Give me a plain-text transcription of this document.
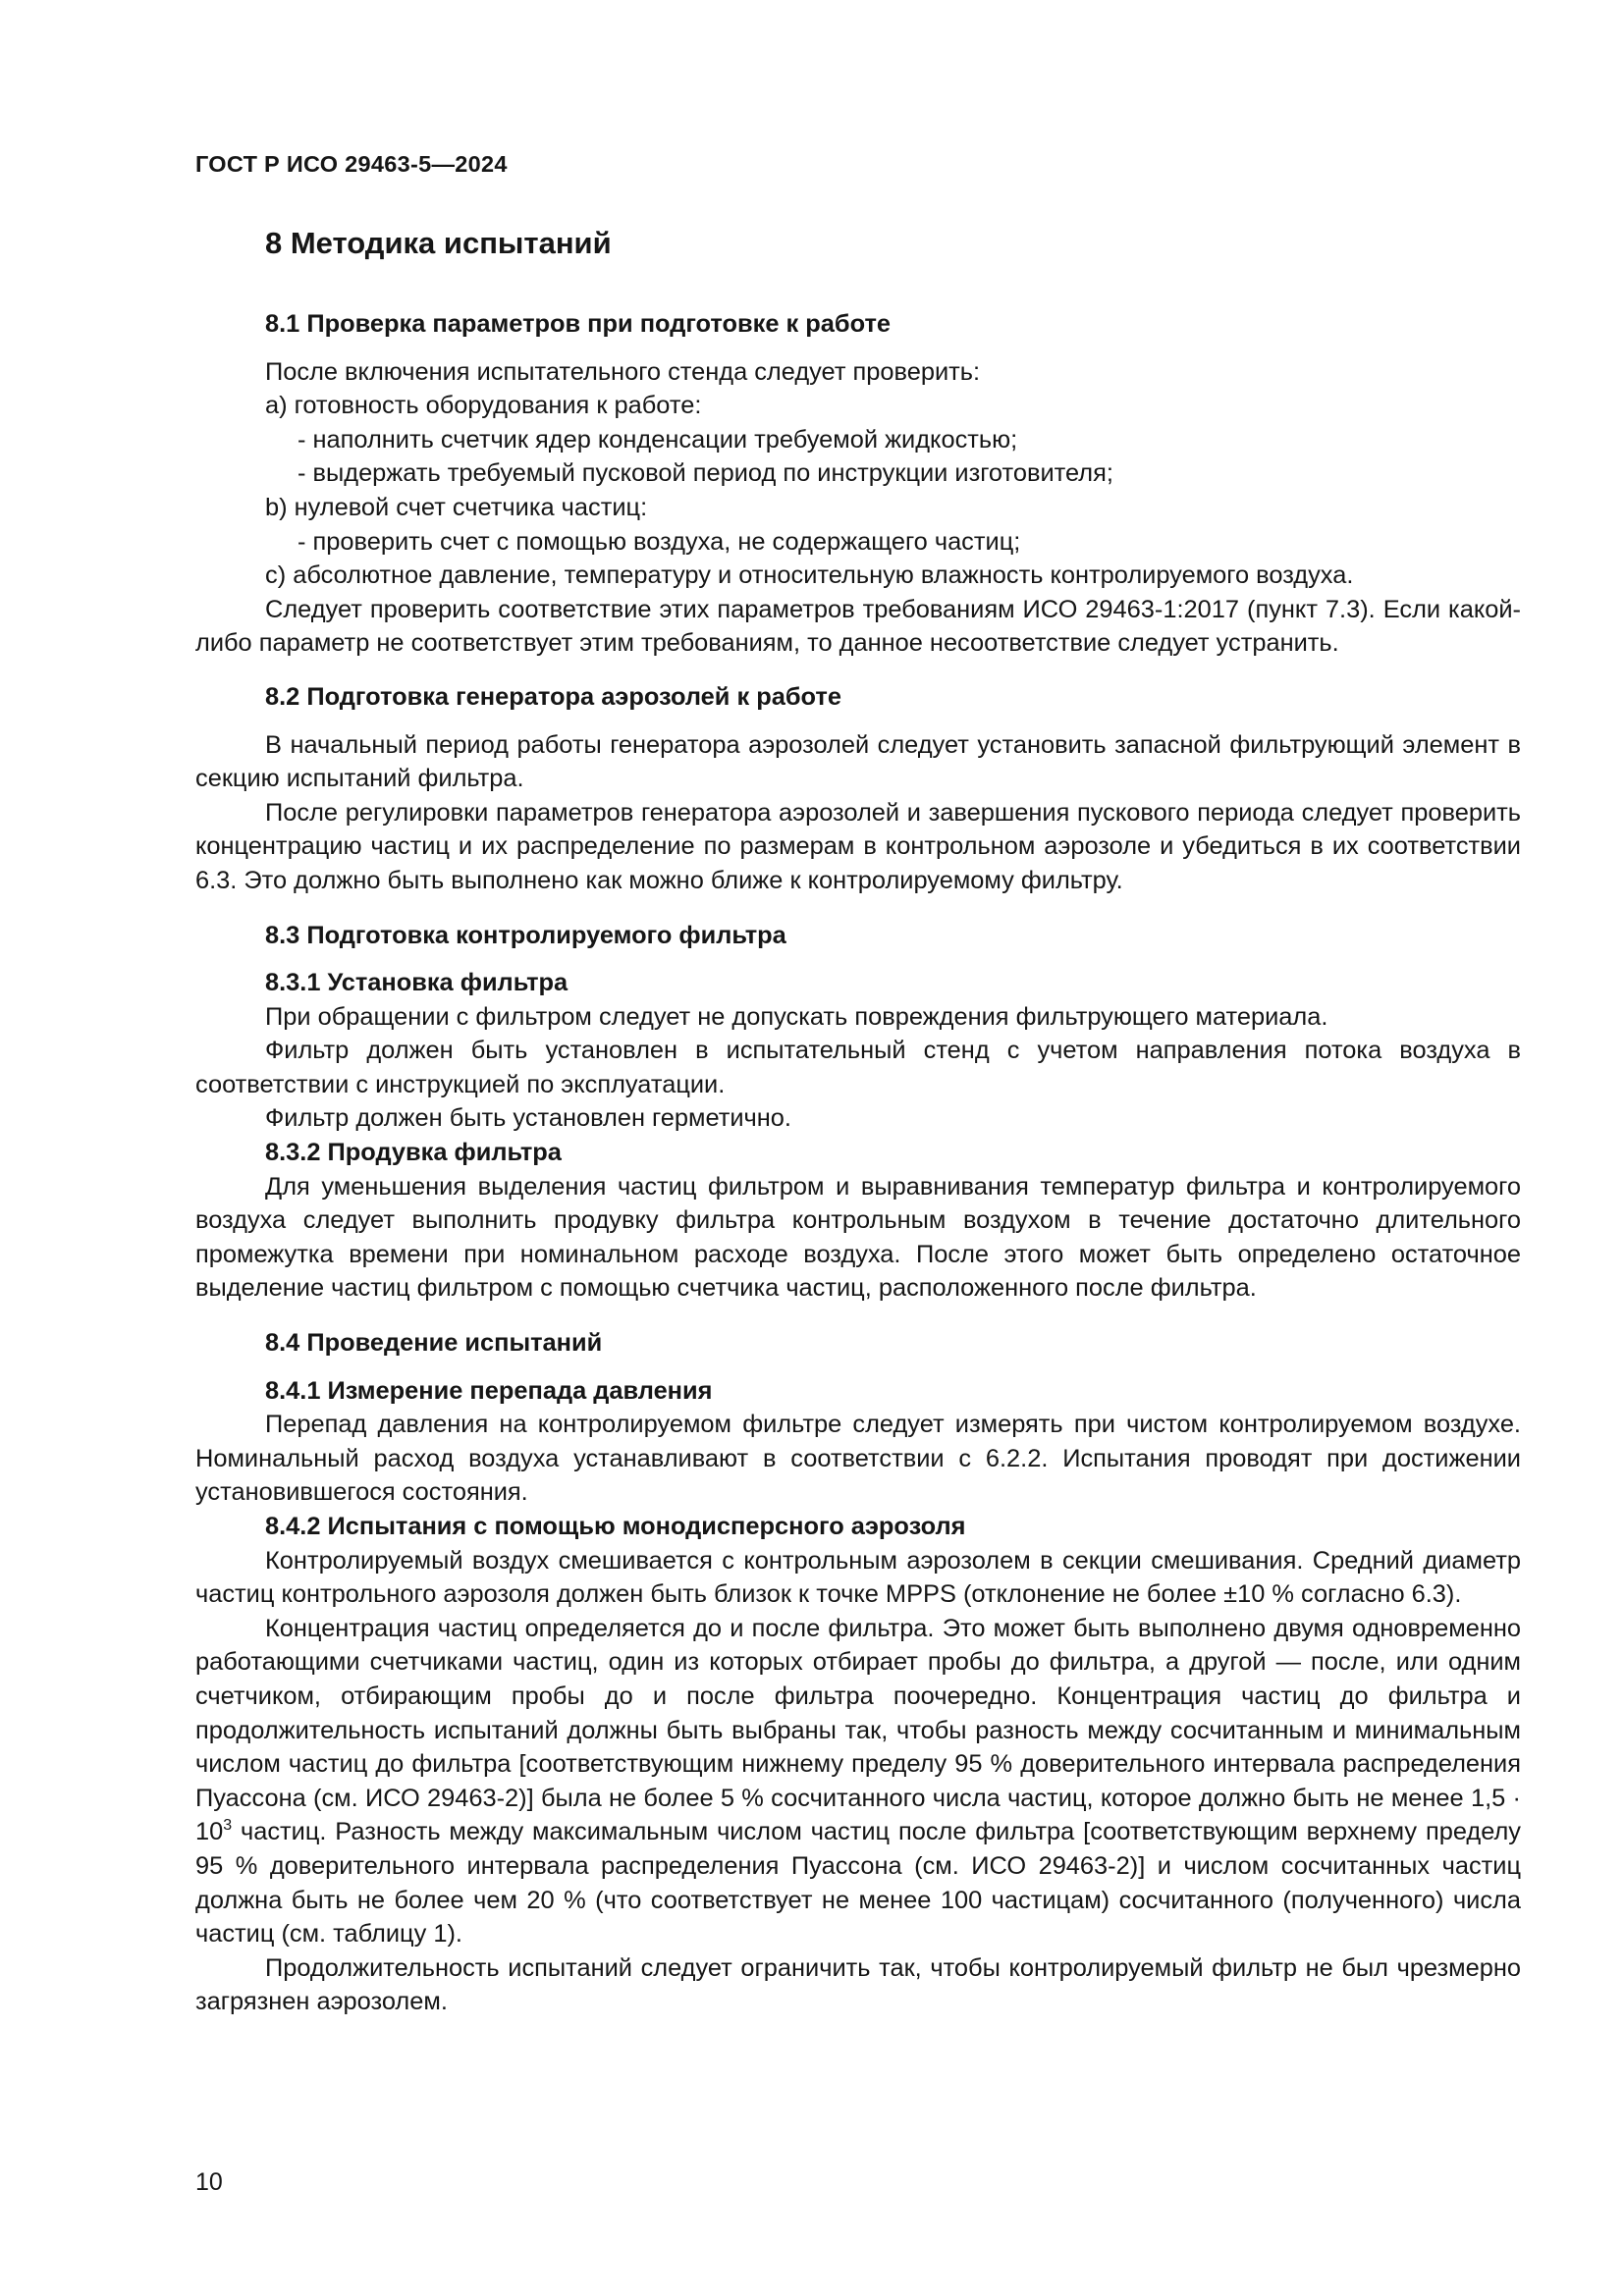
ГОСТ Р ИСО 29463-5—2024

8 Методика испытаний

8.1 Проверка параметров при подготовке к работе

После включения испытательного стенда следует проверить:

а) готовность оборудования к работе:

- наполнить счетчик ядер конденсации требуемой жидкостью;

- выдержать требуемый пусковой период по инструкции изготовителя;

b) нулевой счет счетчика частиц:

- проверить счет с помощью воздуха, не содержащего частиц;

с) абсолютное давление, температуру и относительную влажность контролируемого воздуха.

Следует проверить соответствие этих параметров требованиям ИСО 29463-1:2017 (пункт 7.3). Если какой-либо параметр не соответствует этим требованиям, то данное несоответствие следует устранить.

8.2 Подготовка генератора аэрозолей к работе

В начальный период работы генератора аэрозолей следует установить запасной фильтрующий элемент в секцию испытаний фильтра.

После регулировки параметров генератора аэрозолей и завершения пускового периода следует проверить концентрацию частиц и их распределение по размерам в контрольном аэрозоле и убедиться в их соответствии 6.3. Это должно быть выполнено как можно ближе к контролируемому фильтру.

8.3 Подготовка контролируемого фильтра

8.3.1 Установка фильтра

При обращении с фильтром следует не допускать повреждения фильтрующего материала.

Фильтр должен быть установлен в испытательный стенд с учетом направления потока воздуха в соответствии с инструкцией по эксплуатации.

Фильтр должен быть установлен герметично.

8.3.2 Продувка фильтра

Для уменьшения выделения частиц фильтром и выравнивания температур фильтра и контролируемого воздуха следует выполнить продувку фильтра контрольным воздухом в течение достаточно длительного промежутка времени при номинальном расходе воздуха. После этого может быть определено остаточное выделение частиц фильтром с помощью счетчика частиц, расположенного после фильтра.

8.4 Проведение испытаний

8.4.1 Измерение перепада давления

Перепад давления на контролируемом фильтре следует измерять при чистом контролируемом воздухе. Номинальный расход воздуха устанавливают в соответствии с 6.2.2. Испытания проводят при достижении установившегося состояния.

8.4.2 Испытания с помощью монодисперсного аэрозоля

Контролируемый воздух смешивается с контрольным аэрозолем в секции смешивания. Средний диаметр частиц контрольного аэрозоля должен быть близок к точке MPPS (отклонение не более ±10 % согласно 6.3).

Концентрация частиц определяется до и после фильтра. Это может быть выполнено двумя одновременно работающими счетчиками частиц, один из которых отбирает пробы до фильтра, а другой — после, или одним счетчиком, отбирающим пробы до и после фильтра поочередно. Концентрация частиц до фильтра и продолжительность испытаний должны быть выбраны так, чтобы разность между сосчитанным и минимальным числом частиц до фильтра [соответствующим нижнему пределу 95 % доверительного интервала распределения Пуассона (см. ИСО 29463-2)] была не более 5 % сосчитанного числа частиц, которое должно быть не менее $1,5 \cdot 10^3$ частиц. Разность между максимальным числом частиц после фильтра [соответствующим верхнему пределу 95 % доверительного интервала распределения Пуассона (см. ИСО 29463-2)] и числом сосчитанных частиц должна быть не более чем 20 % (что соответствует не менее 100 частицам) сосчитанного (полученного) числа частиц (см. таблицу 1).

Продолжительность испытаний следует ограничить так, чтобы контролируемый фильтр не был чрезмерно загрязнен аэрозолем.

10
